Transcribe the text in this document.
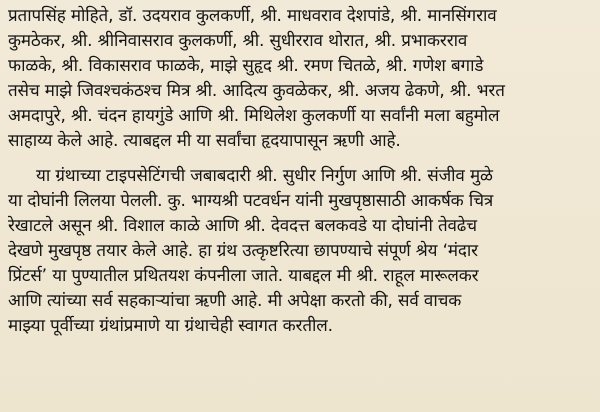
प्रतापसिंह मोहिते, डॉ. उदयराव कुलकर्णी, श्री. माधवराव देशपांडे, श्री. मानसिंगराव
कुमठेकर, श्री. श्रीनिवासराव कुलकर्णी, श्री. सुधीरराव थोरात, श्री. प्रभाकरराव
फाळके, श्री. विकासराव फाळके, माझे सुहृद श्री. रमण चितळे, श्री. गणेश बगाडे
तसेच माझे जिवश्चकंठश्च मित्र श्री. आदित्य कुवळेकर, श्री. अजय ढेकणे, श्री. भरत
अमदापुरे, श्री. चंदन हायगुंडे आणि श्री. मिथिलेश कुलकर्णी या सर्वांनी मला बहुमोल
साहाय्य केले आहे. त्याबद्दल मी या सर्वांचा हृदयापासून ऋणी आहे.
या ग्रंथाच्या टाइपसेटिंगची जबाबदारी श्री. सुधीर निर्गुण आणि श्री. संजीव मुळे
या दोघांनी लिलया पेलली. कु. भाग्यश्री पटवर्धन यांनी मुखपृष्ठासाठी आकर्षक चित्र
रेखाटले असून श्री. विशाल काळे आणि श्री. देवदत्त बलकवडे या दोघांनी तेवढेच
देखणे मुखपृष्ठ तयार केले आहे. हा ग्रंथ उत्कृष्टरित्या छापण्याचे संपूर्ण श्रेय ‘मंदार
प्रिंटर्स’ या पुण्यातील प्रथितयश कंपनीला जाते. याबद्दल मी श्री. राहूल मारूलकर
आणि त्यांच्या सर्व सहकाऱ्यांचा ऋणी आहे. मी अपेक्षा करतो की, सर्व वाचक
माझ्या पूर्वीच्या ग्रंथांप्रमाणे या ग्रंथाचेही स्वागत करतील.
